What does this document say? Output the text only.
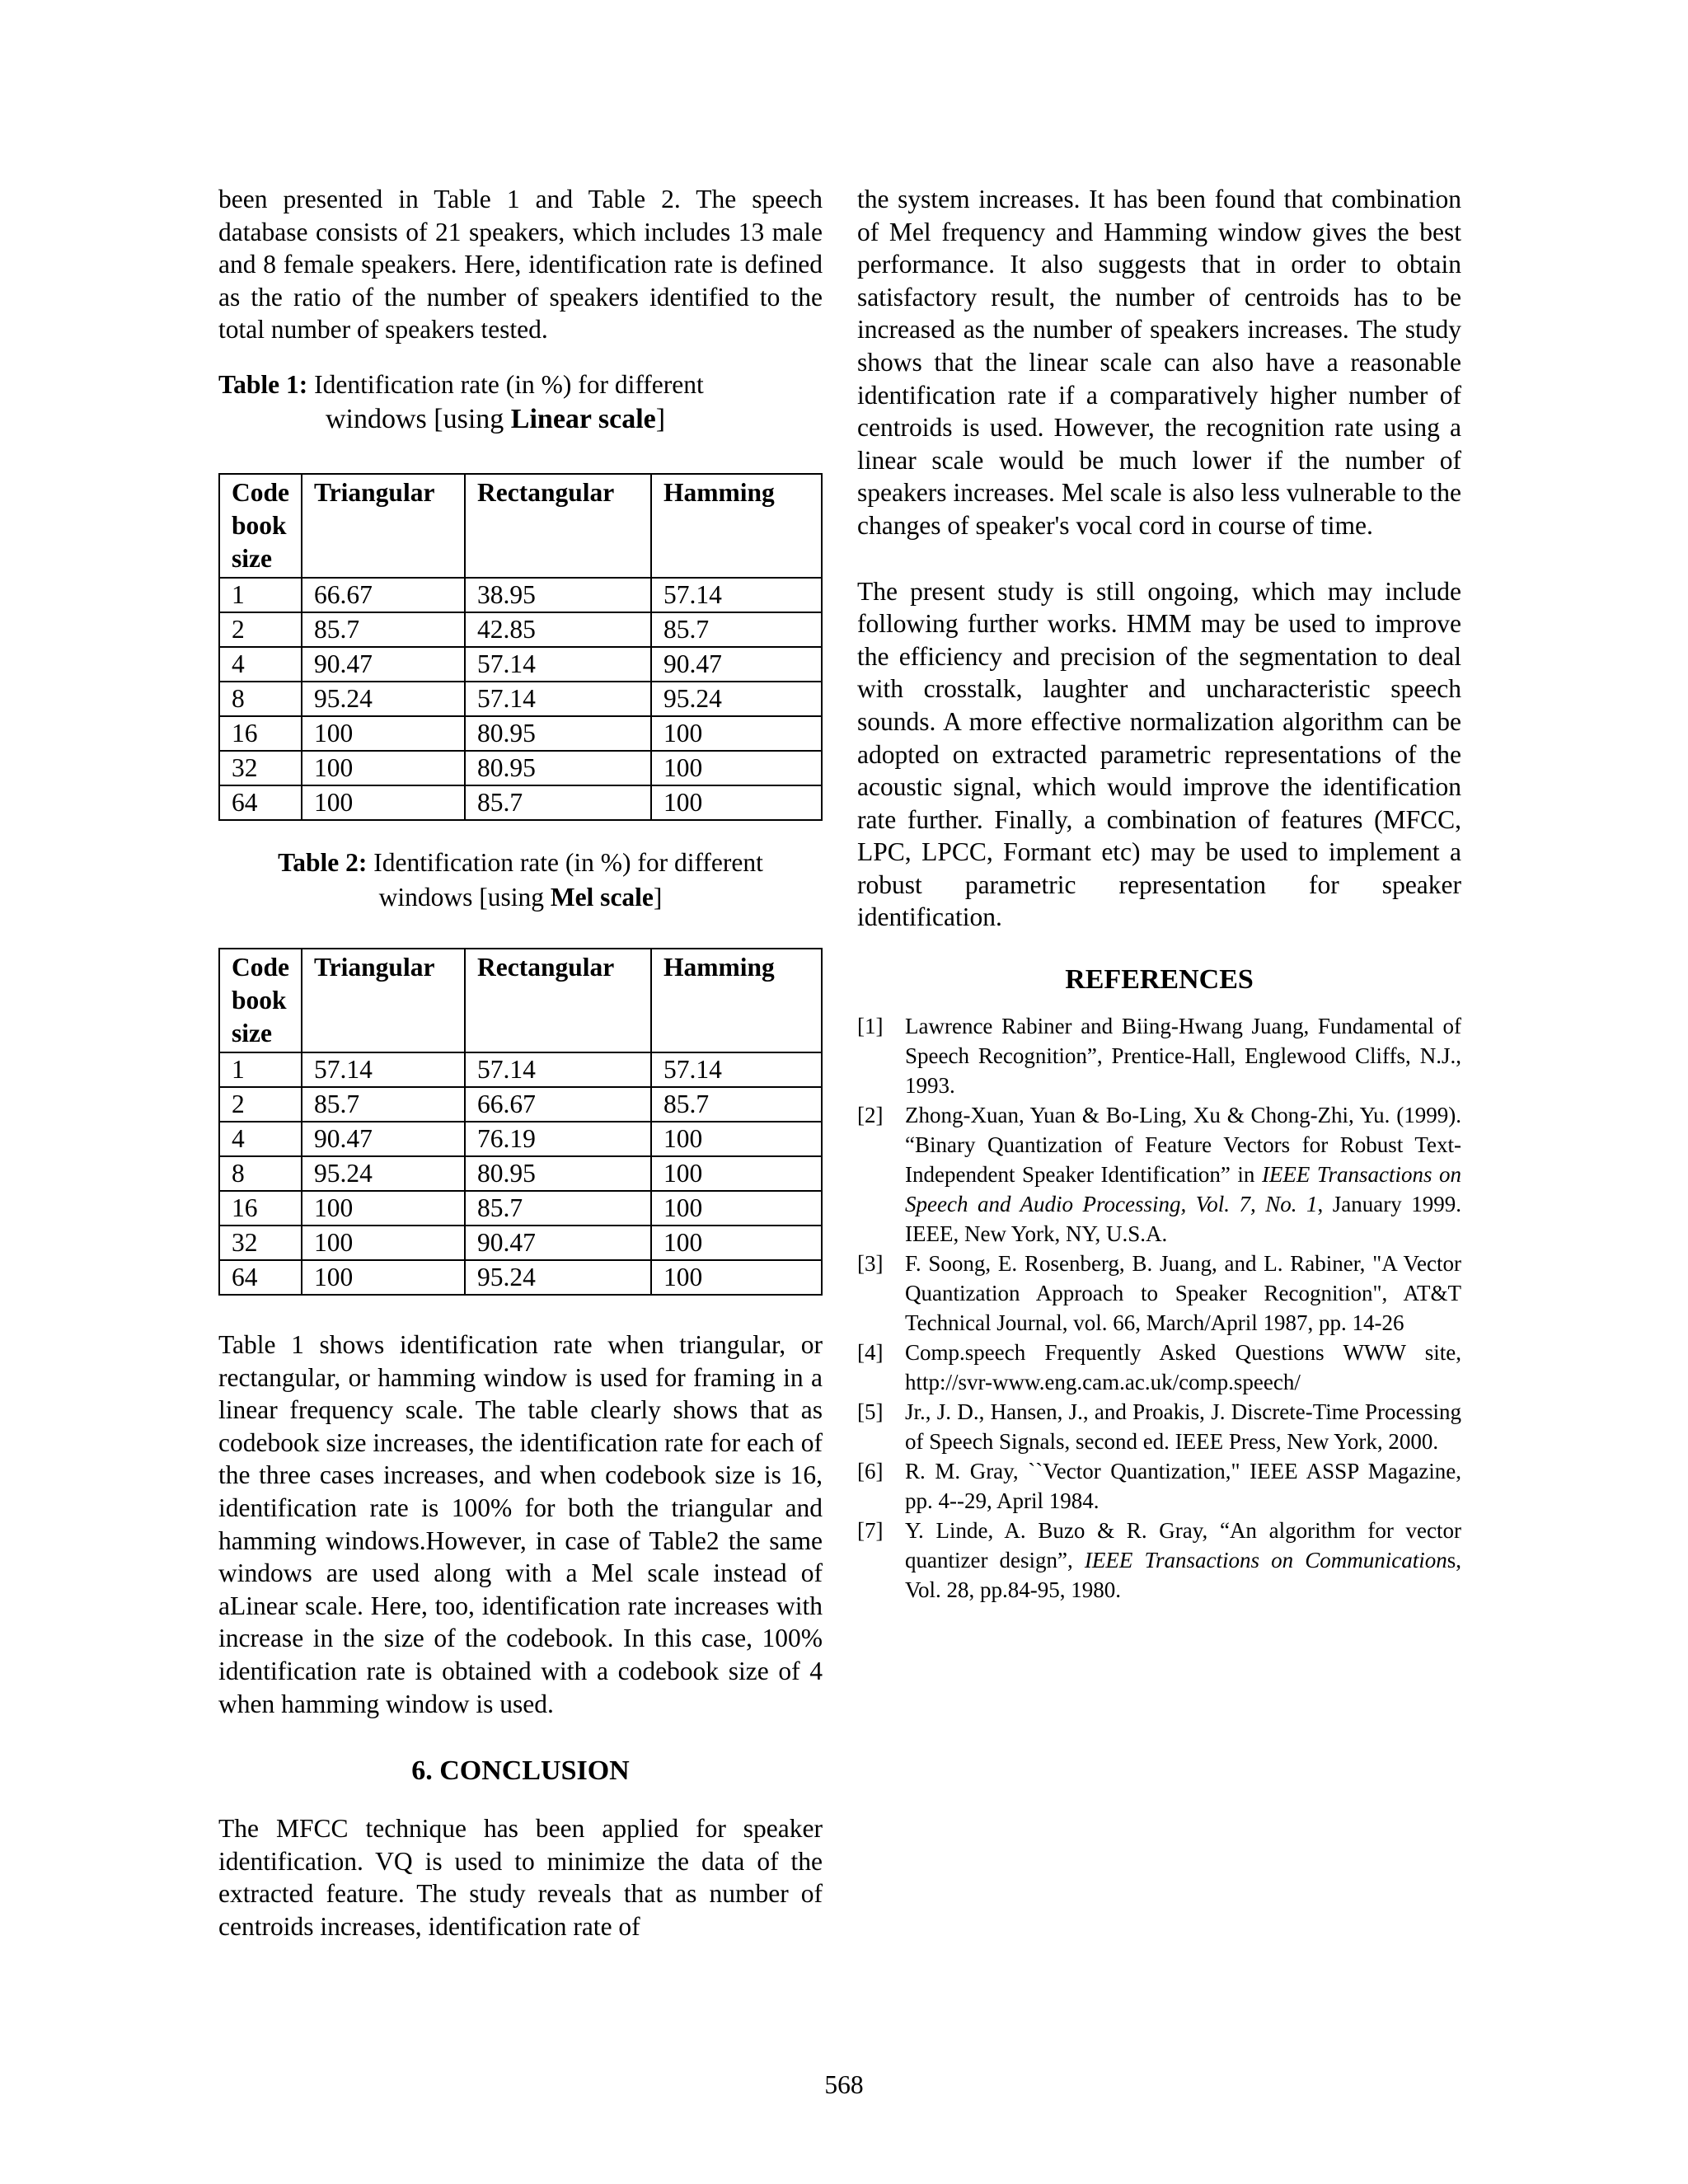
been presented in Table 1 and Table 2. The speech database consists of 21 speakers, which includes 13 male and 8 female speakers. Here, identification rate is defined as the ratio of the number of speakers identified to the total number of speakers tested.

Table 1: Identification rate (in %) for different
windows [using Linear scale]
Code book size	Triangular	Rectangular	Hamming
1	66.67	38.95	57.14
2	85.7	42.85	85.7
4	90.47	57.14	90.47
8	95.24	57.14	95.24
16	100	80.95	100
32	100	80.95	100
64	100	85.7	100
Table 2: Identification rate (in %) for different
windows [using Mel scale]
Code book size	Triangular	Rectangular	Hamming
1	57.14	57.14	57.14
2	85.7	66.67	85.7
4	90.47	76.19	100
8	95.24	80.95	100
16	100	85.7	100
32	100	90.47	100
64	100	95.24	100

Table 1 shows identification rate when triangular, or rectangular, or hamming window is used for framing in a linear frequency scale. The table clearly shows that as codebook size increases, the identification rate for each of the three cases increases, and when codebook size is 16, identification rate is 100% for both the triangular and hamming windows.However, in case of Table2 the same windows are used along with a Mel scale instead of aLinear scale. Here, too, identification rate increases with increase in the size of the codebook. In this case, 100% identification rate is obtained with a codebook size of 4 when hamming window is used.

6. CONCLUSION

The MFCC technique has been applied for speaker identification. VQ is used to minimize the data of the extracted feature. The study reveals that as number of centroids increases, identification rate of

the system increases. It has been found that combination of Mel frequency and Hamming window gives the best performance. It also suggests that in order to obtain satisfactory result, the number of centroids has to be increased as the number of speakers increases. The study shows that the linear scale can also have a reasonable identification rate if a comparatively higher number of centroids is used. However, the recognition rate using a linear scale would be much lower if the number of speakers increases. Mel scale is also less vulnerable to the changes of speaker's vocal cord in course of time.

The present study is still ongoing, which may include following further works. HMM may be used to improve the efficiency and precision of the segmentation to deal with crosstalk, laughter and uncharacteristic speech sounds. A more effective normalization algorithm can be adopted on extracted parametric representations of the acoustic signal, which would improve the identification rate further. Finally, a combination of features (MFCC, LPC, LPCC, Formant etc) may be used to implement a robust parametric representation for speaker identification.

REFERENCES
[1] Lawrence Rabiner and Biing-Hwang Juang, Fundamental of Speech Recognition”, Prentice-Hall, Englewood Cliffs, N.J., 1993.
[2] Zhong-Xuan, Yuan & Bo-Ling, Xu & Chong-Zhi, Yu. (1999). “Binary Quantization of Feature Vectors for Robust Text-Independent Speaker Identification” in IEEE Transactions on Speech and Audio Processing, Vol. 7, No. 1, January 1999. IEEE, New York, NY, U.S.A.
[3] F. Soong, E. Rosenberg, B. Juang, and L. Rabiner, "A Vector Quantization Approach to Speaker Recognition", AT&T Technical Journal, vol. 66, March/April 1987, pp. 14-26
[4] Comp.speech Frequently Asked Questions WWW site, http://svr-www.eng.cam.ac.uk/comp.speech/
[5] Jr., J. D., Hansen, J., and Proakis, J. Discrete-Time Processing of Speech Signals, second ed. IEEE Press, New York, 2000.
[6] R. M. Gray, ``Vector Quantization," IEEE ASSP Magazine, pp. 4--29, April 1984.
[7] Y. Linde, A. Buzo & R. Gray, “An algorithm for vector quantizer design”, IEEE Transactions on Communications, Vol. 28, pp.84-95, 1980.
568
